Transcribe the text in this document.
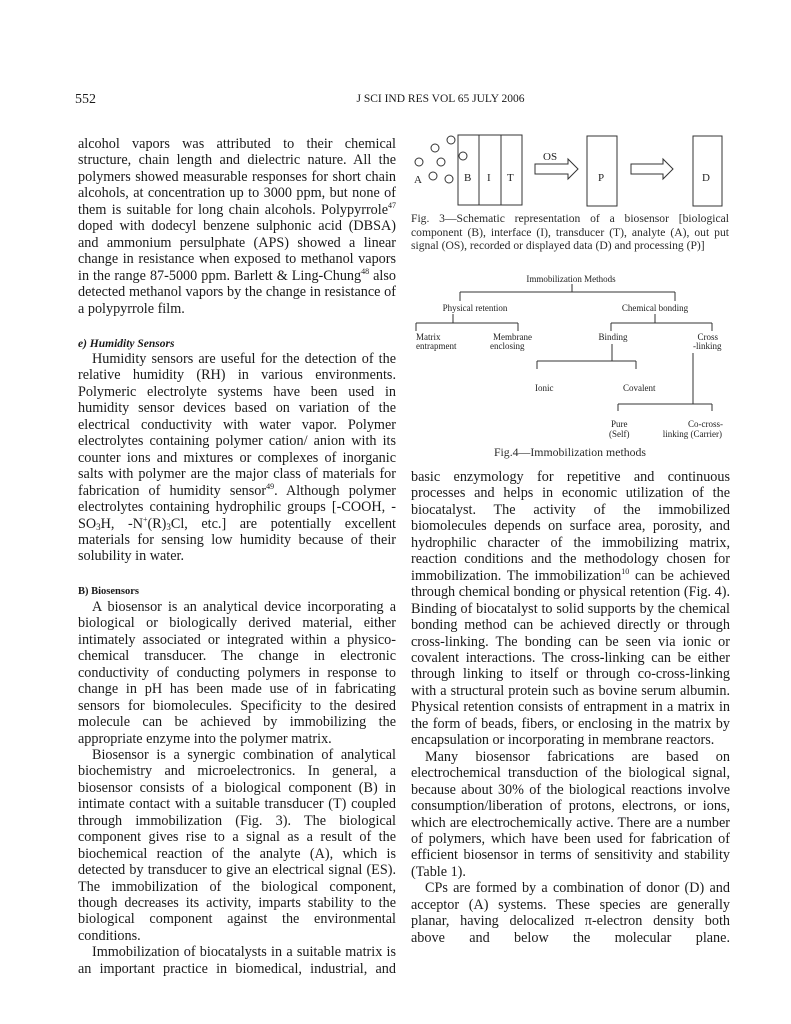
552	J SCI IND RES VOL 65 JULY 2006

alcohol vapors was attributed to their chemical structure, chain length and dielectric nature. All the polymers showed measurable responses for short chain alcohols, at concentration up to 3000 ppm, but none of them is suitable for long chain alcohols. Polypyrrole$^{47}$ doped with dodecyl benzene sulphonic acid (DBSA) and ammonium persulphate (APS) showed a linear change in resistance when exposed to methanol vapors in the range 87-5000 ppm. Barlett & Ling-Chung$^{48}$ also detected methanol vapors by the change in resistance of a polypyrrole film.

e) Humidity Sensors

Humidity sensors are useful for the detection of the relative humidity (RH) in various environments. Polymeric electrolyte systems have been used in humidity sensor devices based on variation of the electrical conductivity with water vapor. Polymer electrolytes containing polymer cation/ anion with its counter ions and mixtures or complexes of inorganic salts with polymer are the major class of materials for fabrication of humidity sensor$^{49}$. Although polymer electrolytes containing hydrophilic groups [-COOH, $-SO_3H$, $-N^+(R)_3Cl$, etc.] are potentially excellent materials for sensing low humidity because of their solubility in water.

B) Biosensors

A biosensor is an analytical device incorporating a biological or biologically derived material, either intimately associated or integrated within a physico-chemical transducer. The change in electronic conductivity of conducting polymers in response to change in pH has been made use of in fabricating sensors for biomolecules. Specificity to the desired molecule can be achieved by immobilizing the appropriate enzyme into the polymer matrix.

Biosensor is a synergic combination of analytical biochemistry and microelectronics. In general, a biosensor consists of a biological component (B) in intimate contact with a suitable transducer (T) coupled through immobilization (Fig. 3). The biological component gives rise to a signal as a result of the biochemical reaction of the analyte (A), which is detected by transducer to give an electrical signal (ES). The immobilization of the biological component, though decreases its activity, imparts stability to the biological component against the environmental conditions.

Immobilization of biocatalysts in a suitable matrix is an important practice in biomedical, industrial, and

A	B I T
OS
P	D
Fig. 3—Schematic representation of a biosensor [biological component (B), interface (I), transducer (T), analyte (A), out put signal (OS), recorded or displayed data (D) and processing (P)]
Immobilization Methods
Physical retention	Chemical bonding
Matrix
entrapment
Membrane
enclosing
Binding	Cross
-linking
Ionic	Covalent
Pure
(Self)
Co-cross-
linking (Carrier)
Fig.4—Immobilization methods

basic enzymology for repetitive and continuous processes and helps in economic utilization of the biocatalyst. The activity of the immobilized biomolecules depends on surface area, porosity, and hydrophilic character of the immobilizing matrix, reaction conditions and the methodology chosen for immobilization. The immobilization$^{10}$ can be achieved through chemical bonding or physical retention (Fig. 4). Binding of biocatalyst to solid supports by the chemical bonding method can be achieved directly or through cross-linking. The bonding can be seen via ionic or covalent interactions. The cross-linking can be either through linking to itself or through co-cross-linking with a structural protein such as bovine serum albumin. Physical retention consists of entrapment in a matrix in the form of beads, fibers, or enclosing in the matrix by encapsulation or incorporating in membrane reactors.

Many biosensor fabrications are based on electrochemical transduction of the biological signal, because about 30% of the biological reactions involve consumption/liberation of protons, electrons, or ions, which are electrochemically active. There are a number of polymers, which have been used for fabrication of efficient biosensor in terms of sensitivity and stability (Table 1).

CPs are formed by a combination of donor (D) and acceptor (A) systems. These species are generally planar, having delocalized π-electron density both above and below the molecular plane.
